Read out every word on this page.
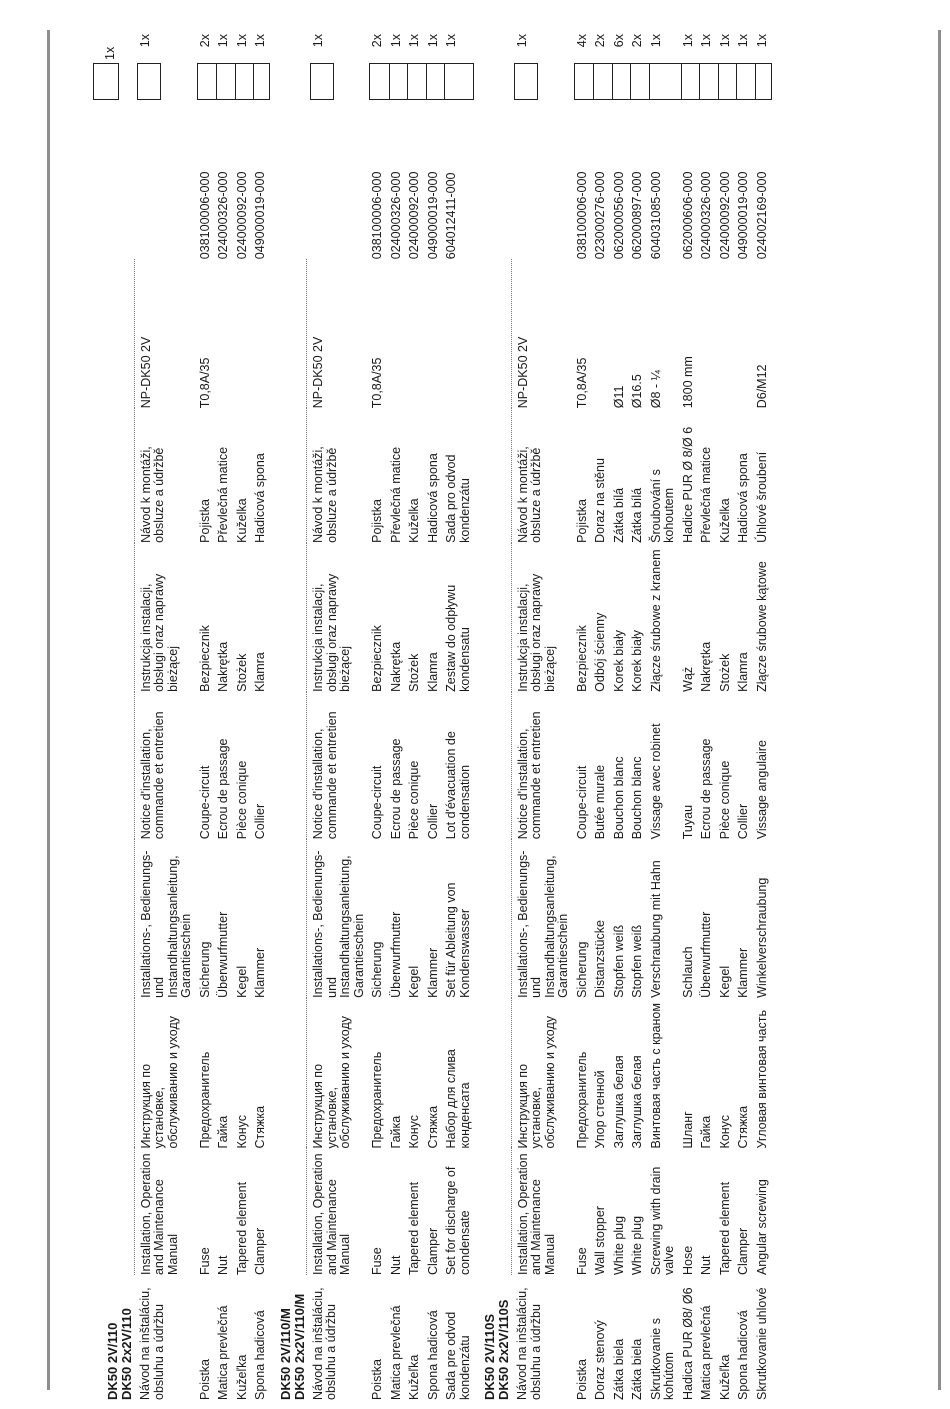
DK50 2V/110 DK50 2x2V/110									

Návod na inštaláciu, obsluhu a údržbu	Installation, Operation and Maintenance Manual	Инструкция по установке, обслуживанию и уходу	Installations-, Bedienungs- und Instandhaltungsanleitung, Garantieschein	Notice d'installation, commande et entretien	Instrukcja instalacji, obsługi oraz naprawy bieżącej	Návod k montáži, obsluze a údržbě	NP-DK50 2V		1x
Poistka	Fuse	Предохранитель	Sicherung	Coupe-circuit	Bezpiecznik	Pojistka	T0,8A/35	038100006-000	2x
Matica prevlečná	Nut	Гайка	Überwurfmutter	Ecrou de passage	Nakrętka	Převlečná matice		024000326-000	1x
Kužeľka	Tapered element	Конус	Kegel	Pièce conique	Stożek	Kuželka		024000092-000	1x
Spona hadicová	Clamper	Стяжка	Klammer	Collier	Klamra	Hadicová spona		049000019-000	1x

DK50 2V/110/M DK50 2x2V/110/M									

Návod na inštaláciu, obsluhu a údržbu	Installation, Operation and Maintenance Manual	Инструкция по установке, обслуживанию и уходу	Installations-, Bedienungs- und Instandhaltungsanleitung, Garantieschein	Notice d'installation, commande et entretien	Instrukcja instalacji, obsługi oraz naprawy bieżącej	Návod k montáži, obsluze a údržbě	NP-DK50 2V		1x
Poistka	Fuse	Предохранитель	Sicherung	Coupe-circuit	Bezpiecznik	Pojistka	T0,8A/35	038100006-000	2x
Matica prevlečná	Nut	Гайка	Überwurfmutter	Ecrou de passage	Nakrętka	Převlečná matice		024000326-000	1x
Kužeľka	Tapered element	Конус	Kegel	Pièce conique	Stożek	Kuželka		024000092-000	1x
Spona hadicová	Clamper	Стяжка	Klammer	Collier	Klamra	Hadicová spona		049000019-000	1x
Sada pre odvod kondenzátu	Set for discharge of condensate	Набор для слива конденсата	Set für Ableitung von Kondenswasser	Lot d'évacuation de condensation	Zestaw do odpływu kondensatu	Sada pro odvod kondenzátu		604012411-000	1x

DK50 2V/110S DK50 2x2V/110S									

Návod na inštaláciu, obsluhu a údržbu	Installation, Operation and Maintenance Manual	Инструкция по установке, обслуживанию и уходу	Installations-, Bedienungs- und Instandhaltungsanleitung, Garantieschein	Notice d'installation, commande et entretien	Instrukcja instalacji, obsługi oraz naprawy bieżącej	Návod k montáži, obsluze a údržbě	NP-DK50 2V		1x
Poistka	Fuse	Предохранитель	Sicherung	Coupe-circuit	Bezpiecznik	Pojistka	T0,8A/35	038100006-000	4x
Doraz stenový	Wall stopper	Упор стенной	Distanzstücke	Butée murale	Odbój ścienny	Doraz na stěnu		023000276-000	2x
Zátka biela	White plug	Заглушка белая	Stopfen weiß	Bouchon blanc	Korek biały	Zátka bílá	Ø11	062000056-000	6x
Zátka biela	White plug	Заглушка белая	Stopfen weiß	Bouchon blanc	Korek biały	Zátka bílá	Ø16.5	062000897-000	2x
Skrutkovanie s kohútom	Screwing with drain valve	Винтовая часть с краном	Verschraubung mit Hahn	Vissage avec robinet	Złącze śrubowe z kranem	Šroubování s kohoutem	Ø8 - ¼	604031085-000	1x
Hadica PUR Ø8/ Ø6	Hose	Шланг	Schlauch	Tuyau	Wąż	Hadice PUR Ø 8/Ø 6	1800 mm	062000606-000	1x
Matica prevlečná	Nut	Гайка	Überwurfmutter	Ecrou de passage	Nakrętka	Převlečná matice		024000326-000	1x
Kužeľka	Tapered element	Конус	Kegel	Pièce conique	Stożek	Kuželka		024000092-000	1x
Spona hadicová	Clamper	Стяжка	Klammer	Collier	Klamra	Hadicová spona		049000019-000	1x
Skrutkovanie uhlové	Angular screwing	Угловая винтовая часть	Winkelverschraubung	Vissage angulaire	Złącze śrubowe kątowe	Úhlové šroubení	D6/M12	024002169-000	1x
1x
